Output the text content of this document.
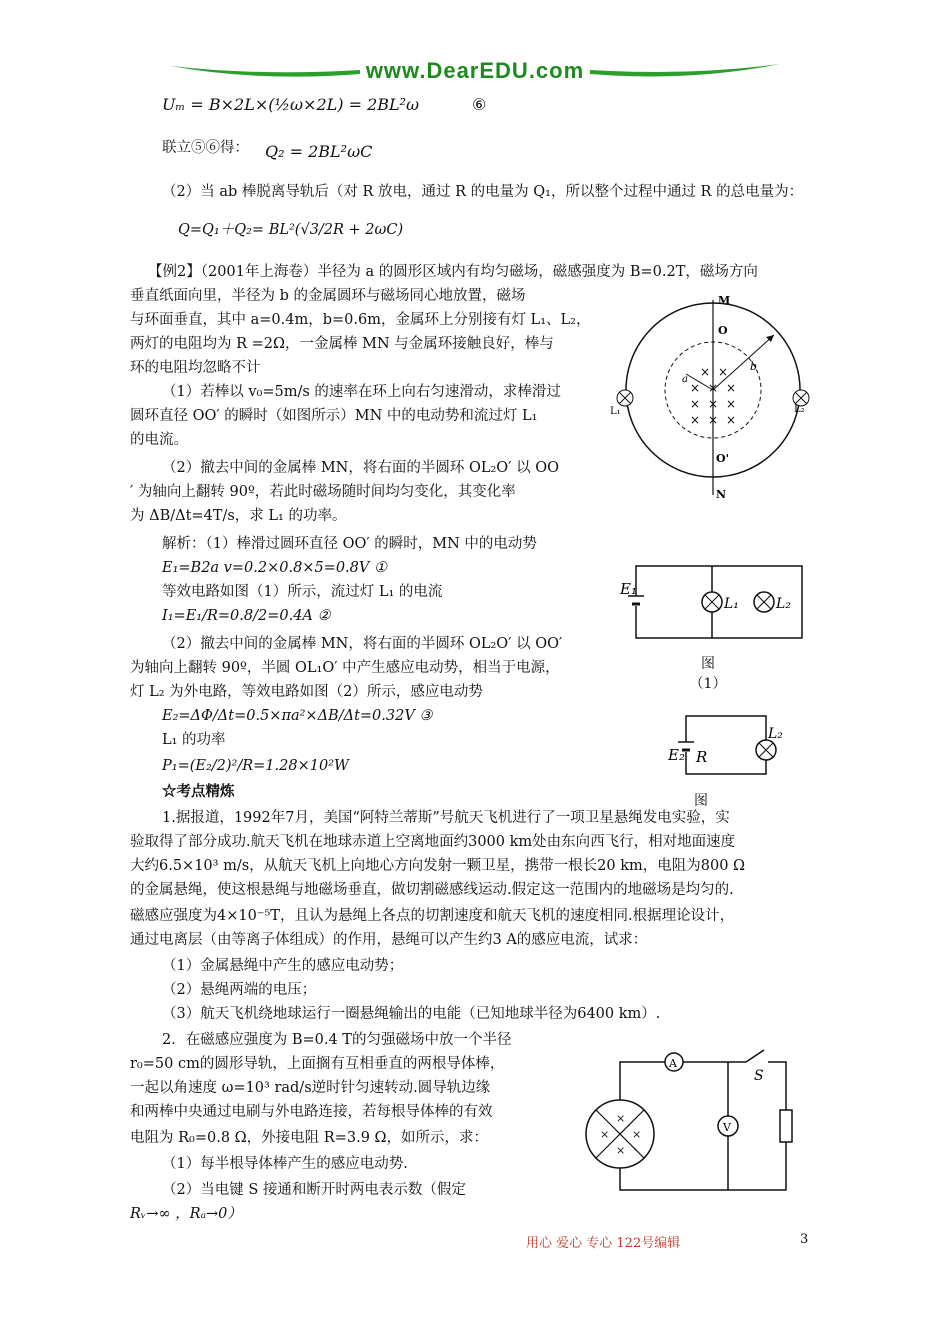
www.DearEDU.com
Uₘ = B×2L×(½ω×2L) = 2BL²ω	⑥
联立⑤⑥得： Q₂ = 2BL²ωC
（2）当 ab 棒脱离导轨后（对 R 放电，通过 R 的电量为 Q₁，所以整个过程中通过 R 的总电量为：
Q=Q₁＋Q₂= BL²(√3/2R + 2ωC)
【例2】（2001年上海卷）半径为 a 的圆形区域内有均匀磁场，磁感强度为 B=0.2T，磁场方向
垂直纸面向里，半径为 b 的金属圆环与磁场同心地放置，磁场
与环面垂直，其中 a=0.4m，b=0.6m，金属环上分别接有灯 L₁、L₂，
两灯的电阻均为 R =2Ω，一金属棒 MN 与金属环接触良好，棒与
环的电阻均忽略不计
（1）若棒以 v₀=5m/s 的速率在环上向右匀速滑动，求棒滑过
圆环直径 OO′ 的瞬时（如图所示）MN 中的电动势和流过灯 L₁
的电流。
（2）撤去中间的金属棒 MN，将右面的半圆环 OL₂O′ 以 OO
′ 为轴向上翻转 90º，若此时磁场随时间均匀变化，其变化率
为 ΔB/Δt=4T/s，求 L₁ 的功率。
× × ×
× × ×
× ×
×
× ×
M
O
O'
N
L₁	L₂
a
b
解析：（1）棒滑过圆环直径 OO′ 的瞬时，MN 中的电动势
E₁=B2a v=0.2×0.8×5=0.8V ①
等效电路如图（1）所示，流过灯 L₁ 的电流
I₁=E₁/R=0.8/2=0.4A ②
E₁
L₁	L₂
图（1）
（2）撤去中间的金属棒 MN，将右面的半圆环 OL₂O′ 以 OO′
为轴向上翻转 90º，半圆 OL₁O′ 中产生感应电动势，相当于电源，
灯 L₂ 为外电路，等效电路如图（2）所示，感应电动势
E₂=ΔΦ/Δt=0.5×πa²×ΔB/Δt=0.32V ③
L₁ 的功率
P₁=(E₂/2)²/R=1.28×10²W
E₂ R
L₂
图
☆考点精炼
1.据报道，1992年7月，美国“阿特兰蒂斯”号航天飞机进行了一项卫星悬绳发电实验，实
验取得了部分成功.航天飞机在地球赤道上空离地面约3000 km处由东向西飞行，相对地面速度
大约6.5×10³ m/s，从航天飞机上向地心方向发射一颗卫星，携带一根长20 km，电阻为800 Ω
的金属悬绳，使这根悬绳与地磁场垂直，做切割磁感线运动.假定这一范围内的地磁场是均匀的.
磁感应强度为4×10⁻⁵T，且认为悬绳上各点的切割速度和航天飞机的速度相同.根据理论设计，
通过电离层（由等离子体组成）的作用，悬绳可以产生约3 A的感应电流，试求：
（1）金属悬绳中产生的感应电动势；
（2）悬绳两端的电压；
（3）航天飞机绕地球运行一圈悬绳输出的电能（已知地球半径为6400 km）.
2．在磁感应强度为 B=0.4 T的匀强磁场中放一个半径
r₀=50 cm的圆形导轨，上面搁有互相垂直的两根导体棒，
一起以角速度 ω=10³ rad/s逆时针匀速转动.圆导轨边缘
和两棒中央通过电刷与外电路连接，若每根导体棒的有效
电阻为 R₀=0.8 Ω，外接电阻 R=3.9 Ω，如所示，求：
（1）每半根导体棒产生的感应电动势.
（2）当电键 S 接通和断开时两电表示数（假定
Rᵥ→∞ ，Rₐ→0）
A
V
S
×
× ×
×
用心 爱心 专心 122号编辑	3
